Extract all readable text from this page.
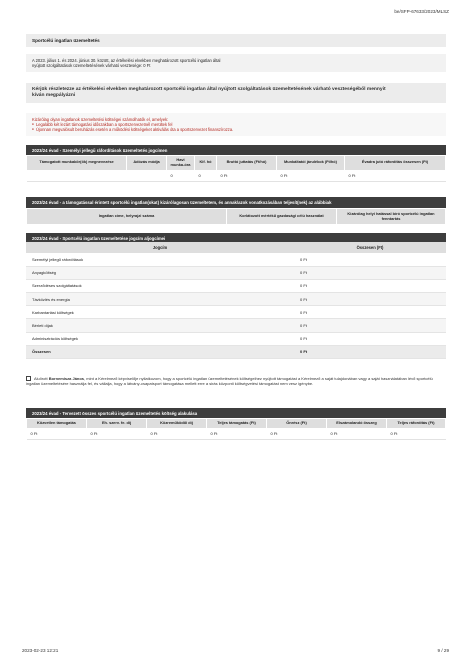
be/SFP-67633/2023/MLSZ
Sportcélú ingatlan üzemeltetés
A 2023. július 1. és 2024. június 30. között, az értékelési elvekben meghatározott sportcélú ingatlan által
nyújtott szolgáltatások üzemeltetésének várható vesztesége: 0 Ft
Kérjük részletezze az értékelési elvekben meghatározott sportcélú ingatlan által nyújtott szolgáltatások üzemeltetésének várható veszteségéből mennyit
kíván megpályázni
Kizárólag olyan ingatlanok üzemeltetési költségei számolhatók el, amelyek:
● Legalább két lezárt támogatási időszakban a sportszervezetnél merültek fel
● Újonnan megvalósult beruházás esetén a működési költségeket aktiválás óta a sportszervezet finanszírozza.
2023/24 évad - Személyi jellegű ráfordítások üzemeltetés jogcímen
Támogatott munkakör(ök) megnevezése	Adózás módja	Havi munka-óra	Kif. hó	Bruttó juttatás (Ft/hó)	Munkáltatói járulékok (Ft/hó)	Évadra jutó ráfordítás összesen (Ft)
		0	0	0 Ft	0 Ft	0 Ft
2023/24 évad - a támogatással érintett sportcélú ingatlan(okat) kizárólagosan üzemeltetem, és annak/azok vonatkozásában teljesít(nek) az alábbiak
Ingatlan címe, helyrajzi száma	Korlátozott mértékű gazdasági célú használat	Kizárólag helyi hatással bíró sportcélú ingatlan fenntartás
2023/24 évad - Sportcélú ingatlan üzemeltetése jogcím aljogcímei
Jogcím	Összesen (Ft)
Személyi jellegű ráfordítások	0 Ft
Anyagköltség	0 Ft
Szerződéses szolgáltatások	0 Ft
Távközlés és energia	0 Ft
Karbantartási költségek	0 Ft
Bérleti díjak	0 Ft
Adminisztrációs költségek	0 Ft
Összesen	0 Ft
Alulírott Bornemisza János, mint a Kérelmező képviselője nyilatkozom, hogy a sportcélú ingatlan üzemeltetésének költségeihez nyújtott támogatást a Kérelmező a saját tulajdonában vagy a saját használatában lévő sportcélú ingatlan üzemeltetésére használja fel, és vállalja, hogy a látvány-csapatsport támogatása mellett erre a sirás központi költségvetési támogatást nem vesz igénybe.
2023/24 évad - Tervezett összes sportcélú ingatlan üzemeltetés költség alakulása
Közvetlen támogatás	Eh. szerv. fe. dij	Közreműködői díj	Teljes támogatás (Ft)	Önrész (Ft)	Elszámolandó összeg	Teljes ráfordítás (Ft)
0 Ft	0 Ft	0 Ft	0 Ft	0 Ft	0 Ft	0 Ft
2023-02-23 12:21	9 / 29
